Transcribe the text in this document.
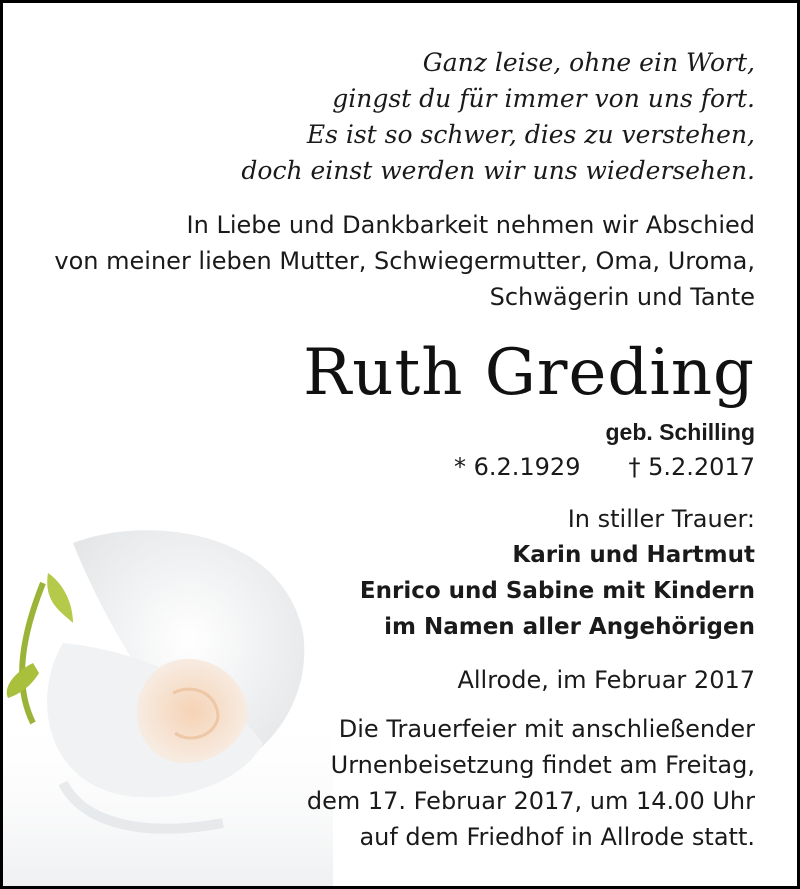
Ganz leise, ohne ein Wort,
gingst du für immer von uns fort.
Es ist so schwer, dies zu verstehen,
doch einst werden wir uns wiedersehen.
In Liebe und Dankbarkeit nehmen wir Abschied
von meiner lieben Mutter, Schwiegermutter, Oma, Uroma,
Schwägerin und Tante
Ruth Greding
geb. Schilling
* 6.2.1929 † 5.2.2017
In stiller Trauer:
Karin und Hartmut
Enrico und Sabine mit Kindern
im Namen aller Angehörigen
Allrode, im Februar 2017
Die Trauerfeier mit anschließender
Urnenbeisetzung findet am Freitag,
dem 17. Februar 2017, um 14.00 Uhr
auf dem Friedhof in Allrode statt.
